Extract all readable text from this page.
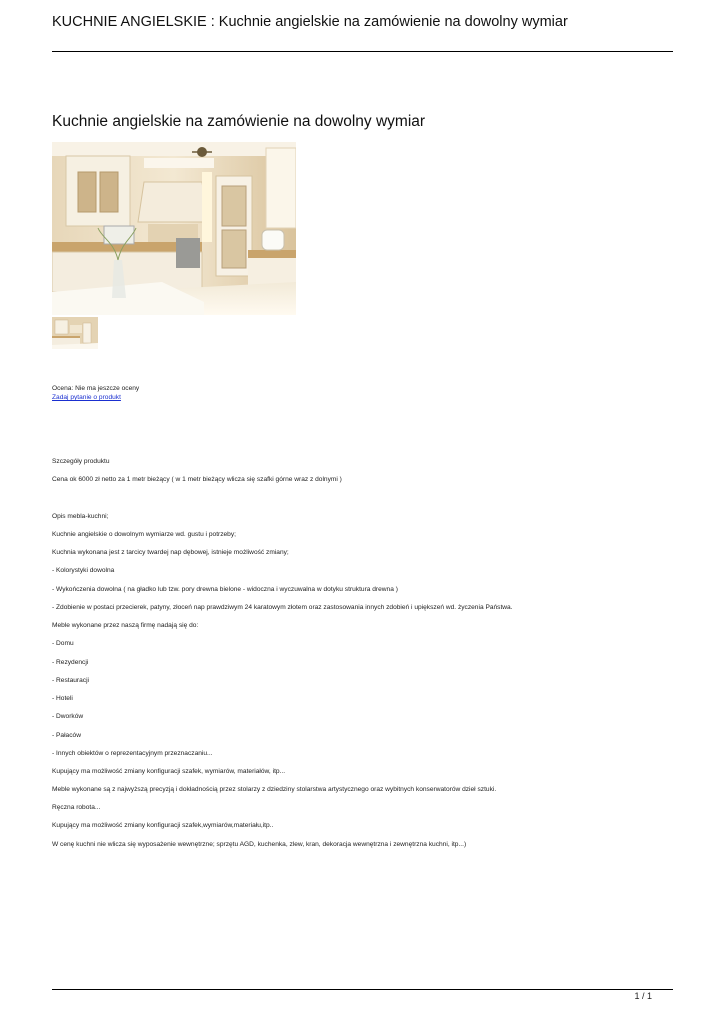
KUCHNIE ANGIELSKIE : Kuchnie angielskie na zamówienie na dowolny wymiar
Kuchnie angielskie na zamówienie na dowolny wymiar
Ocena: Nie ma jeszcze oceny
Zadaj pytanie o produkt
Szczegóły produktu
Cena ok 6000 zł netto za 1 metr bieżący ( w 1 metr bieżący wlicza się szafki górne wraz z dolnymi )
Opis mebla-kuchni;
Kuchnie angielskie o dowolnym wymiarze wd. gustu i potrzeby;
Kuchnia wykonana jest z tarcicy twardej nap dębowej, istnieje możliwość zmiany;
- Kolorystyki dowolna
- Wykończenia dowolna ( na gładko lub tzw. pory drewna bielone - widoczna i wyczuwalna w dotyku struktura drewna )
- Zdobienie w postaci przecierek, patyny, złoceń nap prawdziwym 24 karatowym złotem oraz zastosowania innych zdobień i upiększeń wd. życzenia Państwa.
Meble wykonane przez naszą firmę nadają się do:
- Domu
- Rezydencji
- Restauracji
- Hoteli
- Dworków
- Pałaców
- Innych obiektów o reprezentacyjnym przeznaczaniu...
Kupujący ma możliwość zmiany konfiguracji szafek, wymiarów, materiałów, itp...
Meble wykonane są z najwyższą precyzją i dokładnością przez stolarzy z dziedziny stolarstwa artystycznego oraz wybitnych konserwatorów dzieł sztuki.
Ręczna robota...
Kupujący ma możliwość zmiany konfiguracji szafek,wymiarów,materiału,itp..
W cenę kuchni nie wlicza się wyposażenie wewnętrzne; sprzętu AGD, kuchenka, zlew, kran, dekoracja wewnętrzna i zewnętrzna kuchni, itp...)
1 / 1
